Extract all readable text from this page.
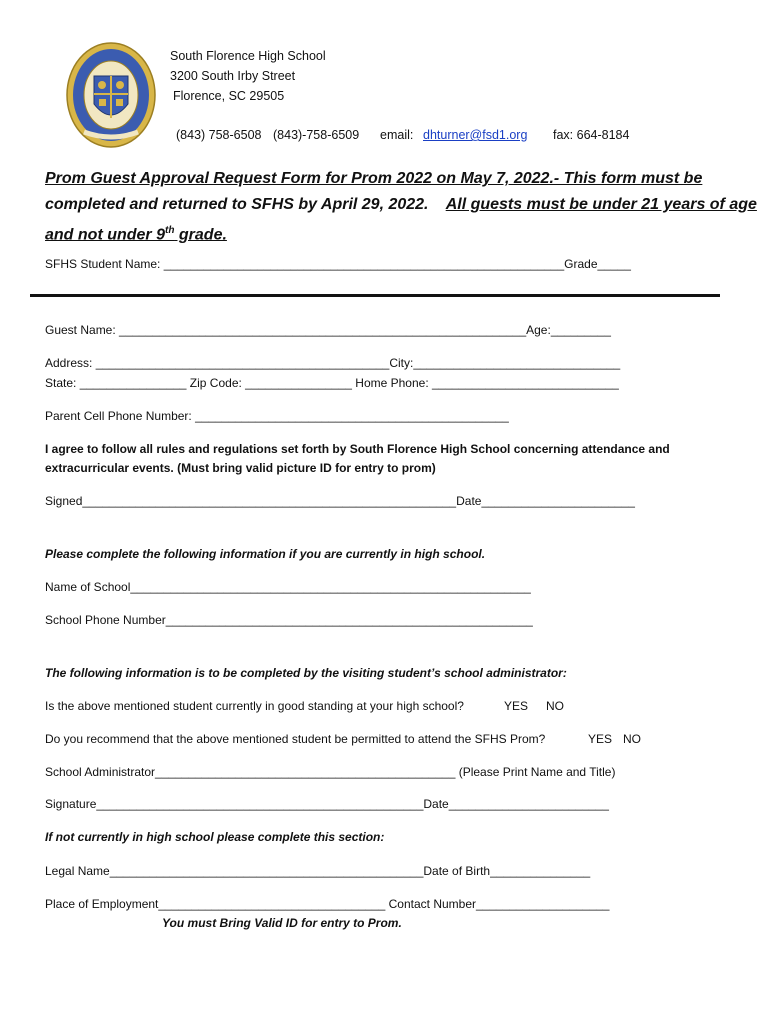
South Florence High School
3200 South Irby Street
Florence, SC 29505
(843) 758-6508 (843)-758-6509 email: dhturner@fsd1.org fax: 664-8184
Prom Guest Approval Request Form for Prom 2022 on May 7, 2022.- This form must be
completed and returned to SFHS by April 29, 2022. All guests must be under 21 years of age
and not under 9th grade.
SFHS Student Name: ____________________________________________________________Grade_____
Guest Name: _____________________________________________________________Age:_________
Address: ____________________________________________City:_______________________________
State: ________________ Zip Code: ________________ Home Phone: ____________________________
Parent Cell Phone Number: _______________________________________________
I agree to follow all rules and regulations set forth by South Florence High School concerning attendance and
extracurricular events. (Must bring valid picture ID for entry to prom)
Signed________________________________________________________Date_______________________
Please complete the following information if you are currently in high school.
Name of School____________________________________________________________
School Phone Number_______________________________________________________
The following information is to be completed by the visiting student’s school administrator:
Is the above mentioned student currently in good standing at your high school?	YES NO
Do you recommend that the above mentioned student be permitted to attend the SFHS Prom?	YES NO
School Administrator_____________________________________________ (Please Print Name and Title)
Signature_________________________________________________Date________________________
If not currently in high school please complete this section:
Legal Name_______________________________________________Date of Birth_______________
Place of Employment__________________________________ Contact Number____________________
You must Bring Valid ID for entry to Prom.
